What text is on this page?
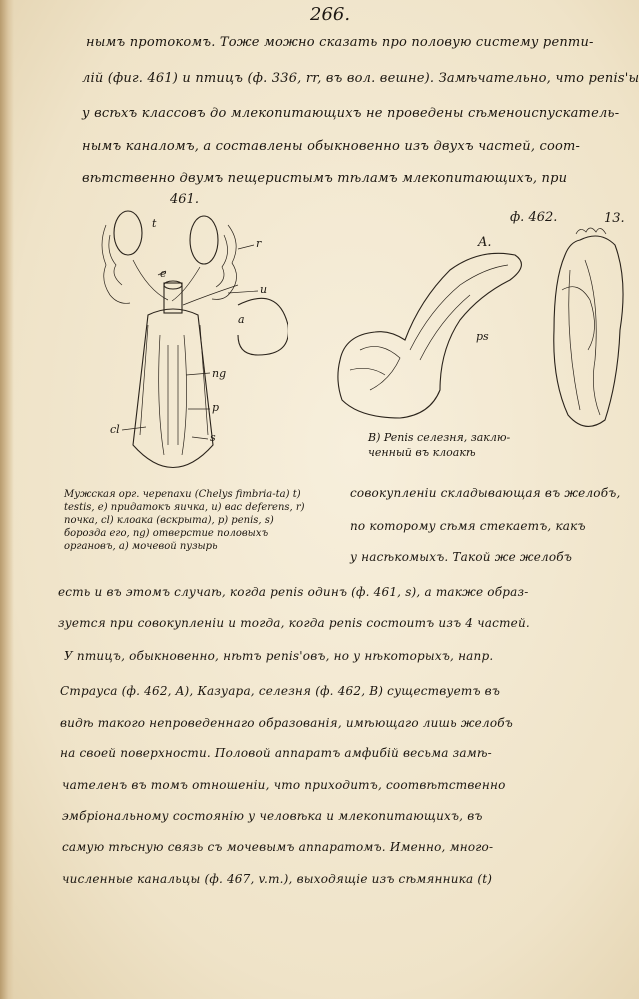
266.
нымъ протокомъ. Тоже можно сказать про половую систему репти-
лій (фиг. 461) и птицъ (ф. 336, rr, въ вол. вешне). Замѣчательно, что penis'ы
у всѣхъ классовъ до млекопитающихъ не проведены сѣменоиспускатель-
нымъ каналомъ, а составлены обыкновенно изъ двухъ частей, соот-
вѣтственно двумъ пещеристымъ тѣламъ млекопитающихъ, при
461.
t
r
e
u
a
ng
p
s
cl
Мужская орг. черепахи (Chelys fimbria-ta) t) testis, e) придатокъ яичка, u) вас deferens, r) почка, cl) клоака (вскрыта), p) penis, s) борозда его, ng) отверстие половыхъ органовъ, a) мочевой пузырь
ф. 462.	13.
A.
ps
B) Penis селезня, заклю-
ченный въ клоакѣ
совокупленіи складывающая въ желобъ,
по которому сѣмя стекаетъ, какъ
у насѣкомыхъ. Такой же желобъ
есть и въ этомъ случаѣ, когда penis одинъ (ф. 461, s), а также образ-
зуется при совокупленіи и тогда, когда penis состоитъ изъ 4 частей.
У птицъ, обыкновенно, нѣтъ penis'овъ, но у нѣкоторыхъ, напр.
Страуса (ф. 462, A), Казуара, селезня (ф. 462, B) существуетъ въ
видѣ такого непроведеннаго образованія, имѣющаго лишь желобъ
на своей поверхности. Половой аппаратъ амфибій весьма замѣ-
чателенъ въ томъ отношеніи, что приходитъ, соотвѣтственно
эмбріональному состоянію у человѣка и млекопитающихъ, въ
самую тѣсную связь съ мочевымъ аппаратомъ. Именно, много-
численные канальцы (ф. 467, v.m.), выходящіе изъ сѣмянника (t)
